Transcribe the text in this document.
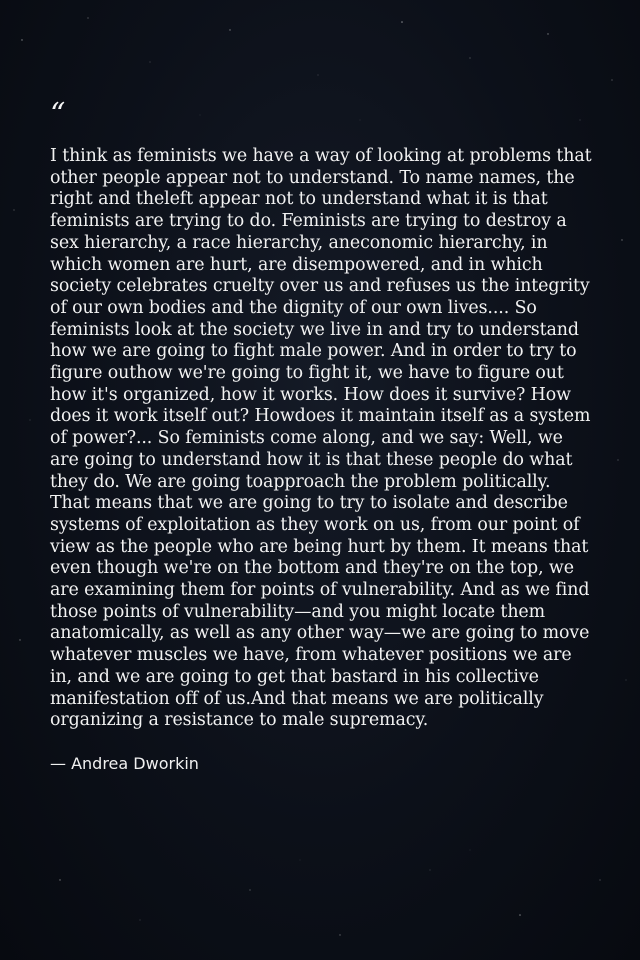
“

I think as feminists we have a way of looking at problems that other people appear not to understand. To name names, the right and theleft appear not to understand what it is that feminists are trying to do. Feminists are trying to destroy a sex hierarchy, a race hierarchy, aneconomic hierarchy, in which women are hurt, are disempowered, and in which society celebrates cruelty over us and refuses us the integrity of our own bodies and the dignity of our own lives.... So feminists look at the society we live in and try to understand how we are going to fight male power. And in order to try to figure outhow we're going to fight it, we have to figure out how it's organized, how it works. How does it survive? How does it work itself out? Howdoes it maintain itself as a system of power?... So feminists come along, and we say: Well, we are going to understand how it is that these people do what they do. We are going toapproach the problem politically. That means that we are going to try to isolate and describe systems of exploitation as they work on us, from our point of view as the people who are being hurt by them. It means that even though we're on the bottom and they're on the top, we are examining them for points of vulnerability. And as we find those points of vulnerability—and you might locate them anatomically, as well as any other way—we are going to move whatever muscles we have, from whatever positions we are in, and we are going to get that bastard in his collective manifestation off of us.And that means we are politically organizing a resistance to male supremacy.

— Andrea Dworkin
